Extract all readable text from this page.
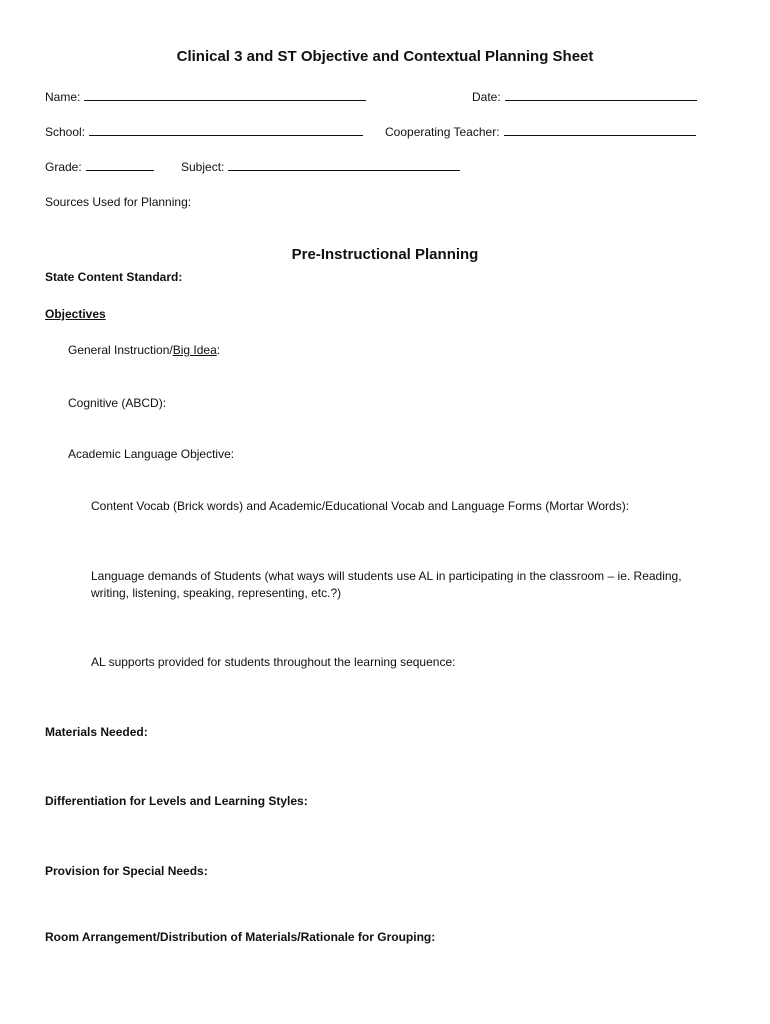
Clinical 3 and ST Objective and Contextual Planning Sheet
Name:	Date:
School:	Cooperating Teacher:
Grade:	Subject:
Sources Used for Planning:
Pre-Instructional Planning
State Content Standard:
Objectives
General Instruction/Big Idea:
Cognitive (ABCD):
Academic Language Objective:
Content Vocab (Brick words) and Academic/Educational Vocab and Language Forms (Mortar Words):
Language demands of Students (what ways will students use AL in participating in the classroom – ie. Reading,
writing, listening, speaking, representing, etc.?)
AL supports provided for students throughout the learning sequence:
Materials Needed:
Differentiation for Levels and Learning Styles:
Provision for Special Needs:
Room Arrangement/Distribution of Materials/Rationale for Grouping:
